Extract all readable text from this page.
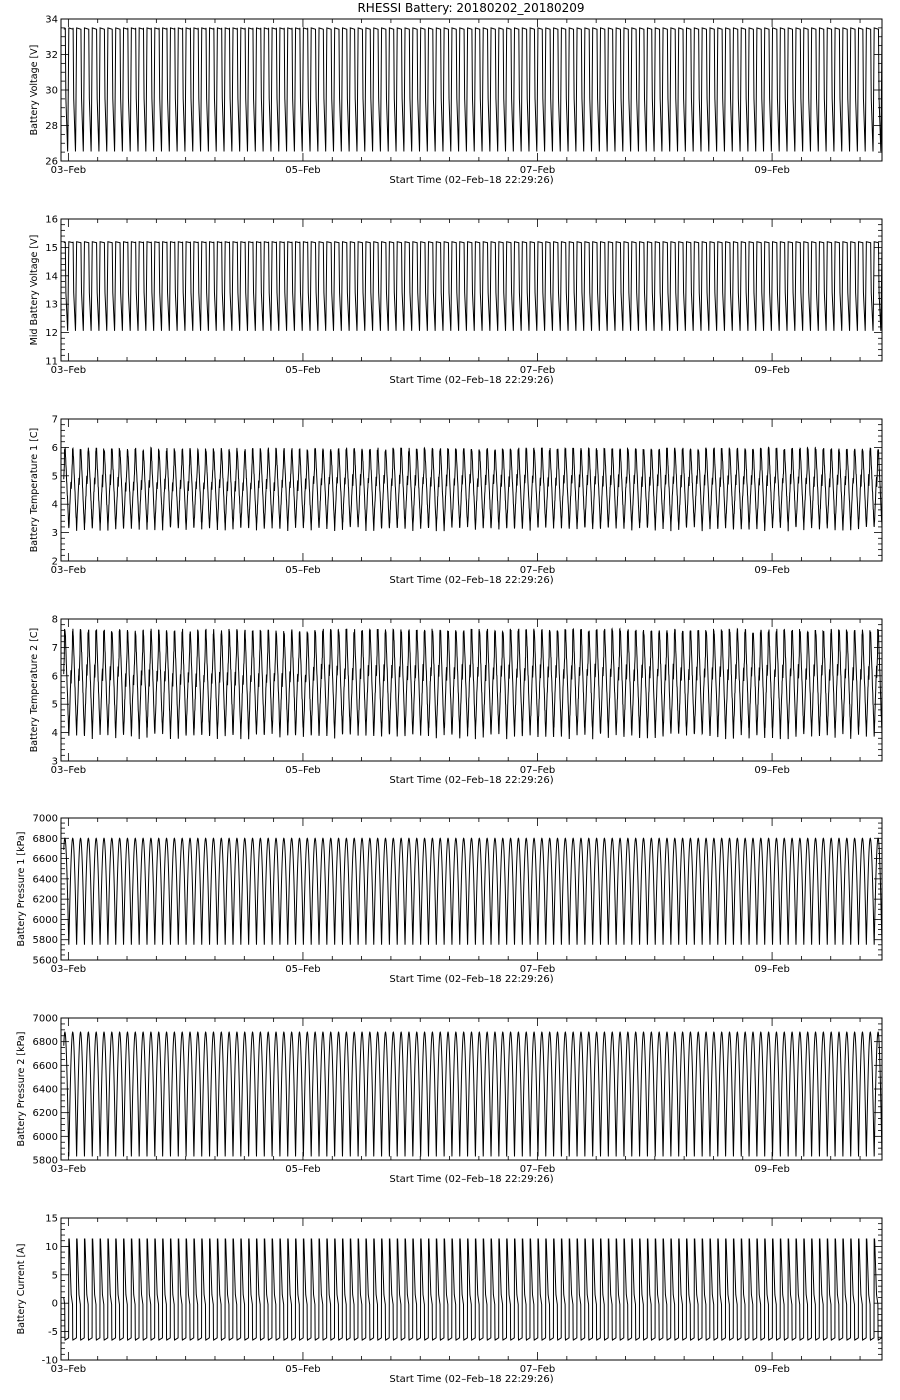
RHESSI Battery: 20180202_20180209
26
28
30
32
34
03–Feb	05–Feb	07–Feb	09–Feb
Start Time (02–Feb–18 22:29:26)
Battery Voltage [V]
11
12
13
14
15
16
03–Feb	05–Feb	07–Feb	09–Feb
Start Time (02–Feb–18 22:29:26)
Mid Battery Voltage [V]
2
3
4
5
6
7
03–Feb	05–Feb	07–Feb	09–Feb
Start Time (02–Feb–18 22:29:26)
Battery Temperature 1 [C]
3
4
5
6
7
8
03–Feb	05–Feb	07–Feb	09–Feb
Start Time (02–Feb–18 22:29:26)
Battery Temperature 2 [C]
5600
5800
6000
6200
6400
6600
6800
7000
03–Feb	05–Feb	07–Feb	09–Feb
Start Time (02–Feb–18 22:29:26)
Battery Pressure 1 [kPa]
5800
6000
6200
6400
6600
6800
7000
03–Feb	05–Feb	07–Feb	09–Feb
Start Time (02–Feb–18 22:29:26)
Battery Pressure 2 [kPa]
-10
-5
0
5
10
15
03–Feb	05–Feb	07–Feb	09–Feb
Start Time (02–Feb–18 22:29:26)
Battery Current [A]
